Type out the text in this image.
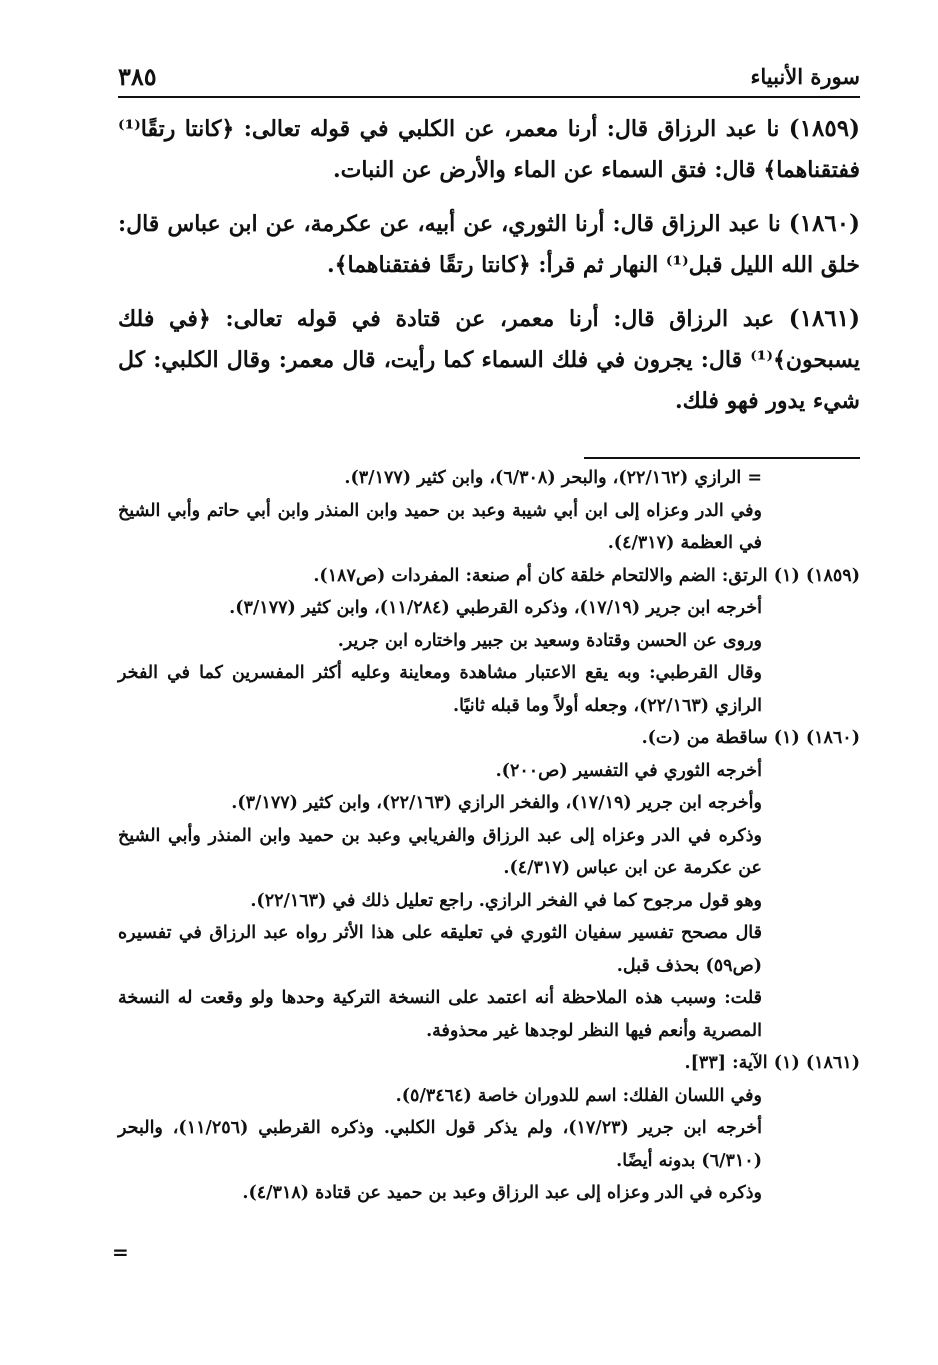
سورة الأنبياء
٣٨٥

(١٨٥٩) نا عبد الرزاق قال: أرنا معمر، عن الكلبي في قوله تعالى: ﴿كانتا رتقًا⁽¹⁾ ففتقناهما﴾ قال: فتق السماء عن الماء والأرض عن النبات.

(١٨٦٠) نا عبد الرزاق قال: أرنا الثوري، عن أبيه، عن عكرمة، عن ابن عباس قال: خلق الله الليل قبل⁽¹⁾ النهار ثم قرأ: ﴿كانتا رتقًا ففتقناهما﴾.

(١٨٦١) عبد الرزاق قال: أرنا معمر، عن قتادة في قوله تعالى: ﴿في فلك يسبحون﴾⁽¹⁾ قال: يجرون في فلك السماء كما رأيت، قال معمر: وقال الكلبي: كل شيء يدور فهو فلك.

= الرازي (٢٢/١٦٢)، والبحر (٦/٣٠٨)، وابن كثير (٣/١٧٧).

وفي الدر وعزاه إلى ابن أبي شيبة وعبد بن حميد وابن المنذر وابن أبي حاتم وأبي الشيخ في العظمة (٤/٣١٧).

(١٨٥٩) (١) الرتق: الضم والالتحام خلقة كان أم صنعة: المفردات (ص١٨٧).

أخرجه ابن جرير (١٧/١٩)، وذكره القرطبي (١١/٢٨٤)، وابن كثير (٣/١٧٧).

وروى عن الحسن وقتادة وسعيد بن جبير واختاره ابن جرير.

وقال القرطبي: وبه يقع الاعتبار مشاهدة ومعاينة وعليه أكثر المفسرين كما في الفخر الرازي (٢٢/١٦٣)، وجعله أولاً وما قبله ثانيًا.

(١٨٦٠) (١) ساقطة من (ت).

أخرجه الثوري في التفسير (ص٢٠٠).

وأخرجه ابن جرير (١٧/١٩)، والفخر الرازي (٢٢/١٦٣)، وابن كثير (٣/١٧٧).

وذكره في الدر وعزاه إلى عبد الرزاق والفريابي وعبد بن حميد وابن المنذر وأبي الشيخ عن عكرمة عن ابن عباس (٤/٣١٧).

وهو قول مرجوح كما في الفخر الرازي. راجع تعليل ذلك في (٢٢/١٦٣).

قال مصحح تفسير سفيان الثوري في تعليقه على هذا الأثر رواه عبد الرزاق في تفسيره (ص٥٩) بحذف قبل.

قلت: وسبب هذه الملاحظة أنه اعتمد على النسخة التركية وحدها ولو وقعت له النسخة المصرية وأنعم فيها النظر لوجدها غير محذوفة.

(١٨٦١) (١) الآية: [٣٣].

وفي اللسان الفلك: اسم للدوران خاصة (٥/٣٤٦٤).

أخرجه ابن جرير (١٧/٢٣)، ولم يذكر قول الكلبي. وذكره القرطبي (١١/٢٥٦)، والبحر (٦/٣١٠) بدونه أيضًا.

وذكره في الدر وعزاه إلى عبد الرزاق وعبد بن حميد عن قتادة (٤/٣١٨).

=
